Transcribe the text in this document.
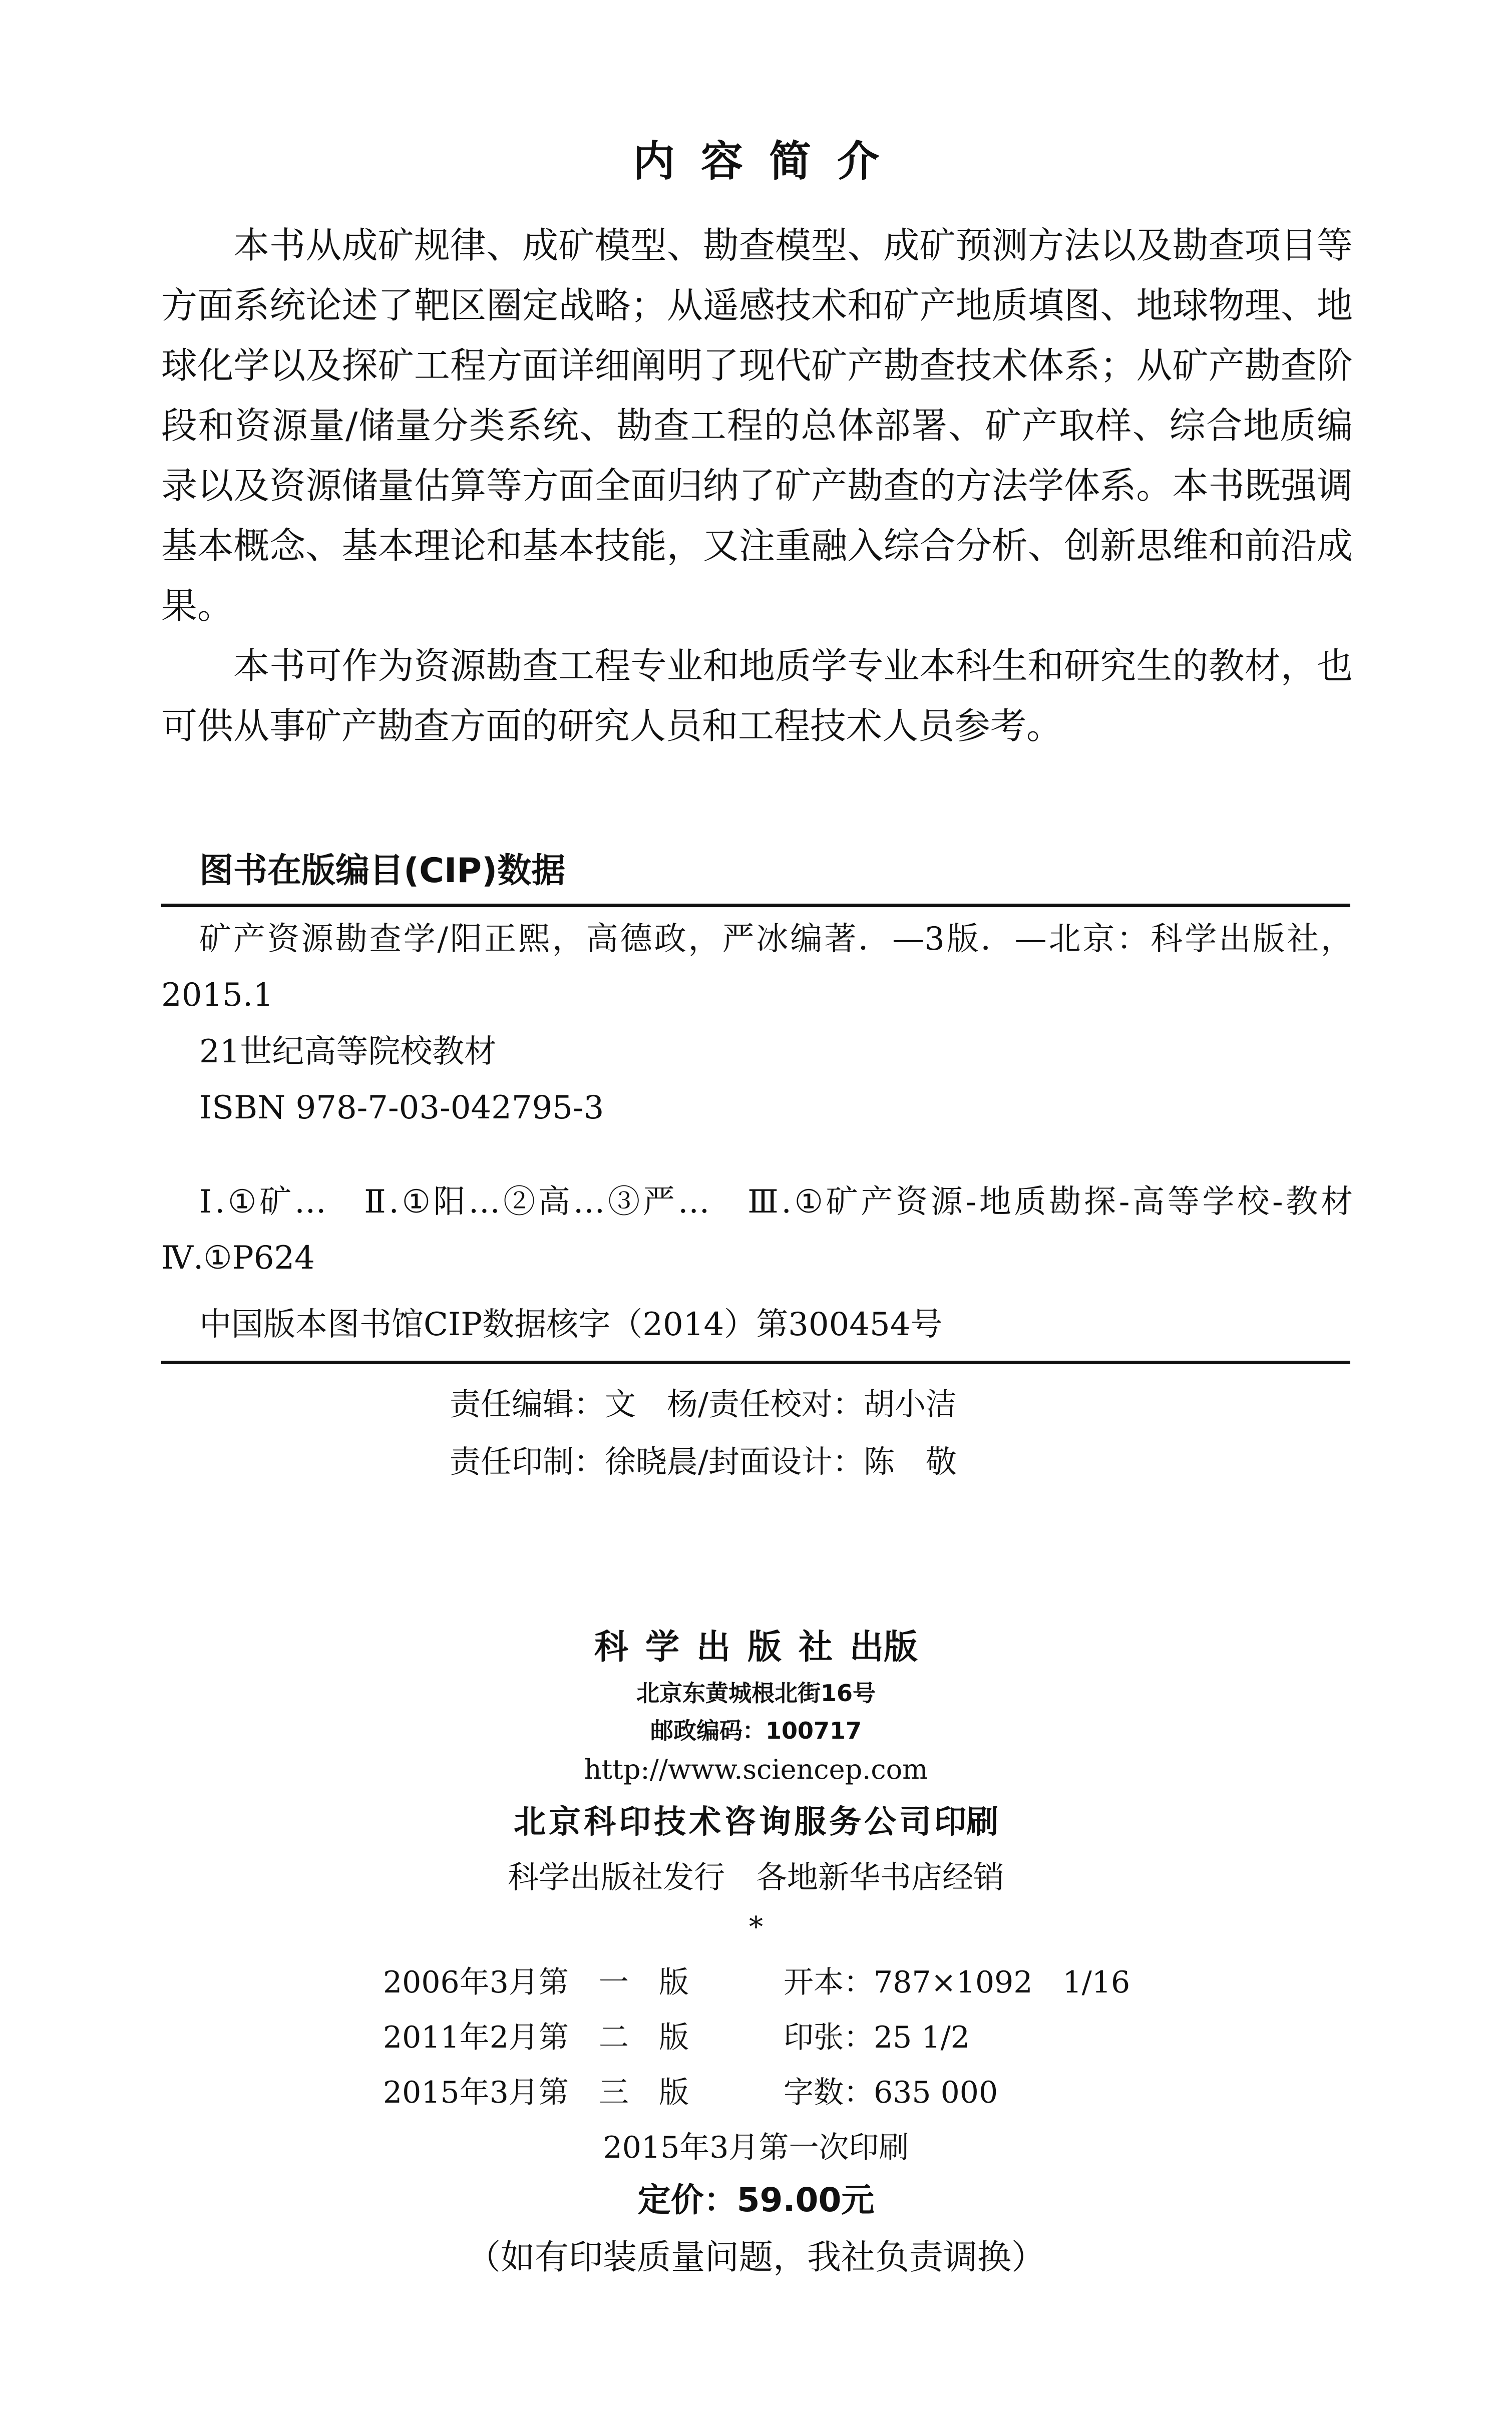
内容简介

本书从成矿规律、成矿模型、勘查模型、成矿预测方法以及勘查项目等方面系统论述了靶区圈定战略；从遥感技术和矿产地质填图、地球物理、地球化学以及探矿工程方面详细阐明了现代矿产勘查技术体系；从矿产勘查阶段和资源量/储量分类系统、勘查工程的总体部署、矿产取样、综合地质编录以及资源储量估算等方面全面归纳了矿产勘查的方法学体系。本书既强调基本概念、基本理论和基本技能，又注重融入综合分析、创新思维和前沿成果。

本书可作为资源勘查工程专业和地质学专业本科生和研究生的教材，也可供从事矿产勘查方面的研究人员和工程技术人员参考。

图书在版编目(CIP)数据

矿产资源勘查学/阳正熙，高德政，严冰编著．—3版．—北京：科学出版社，2015.1

21世纪高等院校教材

ISBN 978-7-03-042795-3

Ⅰ.①矿…　Ⅱ.①阳…②高…③严…　Ⅲ.①矿产资源-地质勘探-高等学校-教材　Ⅳ.①P624

中国版本图书馆CIP数据核字（2014）第300454号

责任编辑：文　杨/责任校对：胡小洁

责任印制：徐晓晨/封面设计：陈　敬

科学出版社出版

北京东黄城根北街16号

邮政编码：100717

http://www.sciencep.com

北京科印技术咨询服务公司印刷

科学出版社发行　各地新华书店经销

*

2006年3月第　一　版	开本：787×1092　1/16
2011年2月第　二　版	印张：25 1/2
2015年3月第　三　版	字数：635 000

2015年3月第一次印刷

定价：59.00元

（如有印装质量问题，我社负责调换）
